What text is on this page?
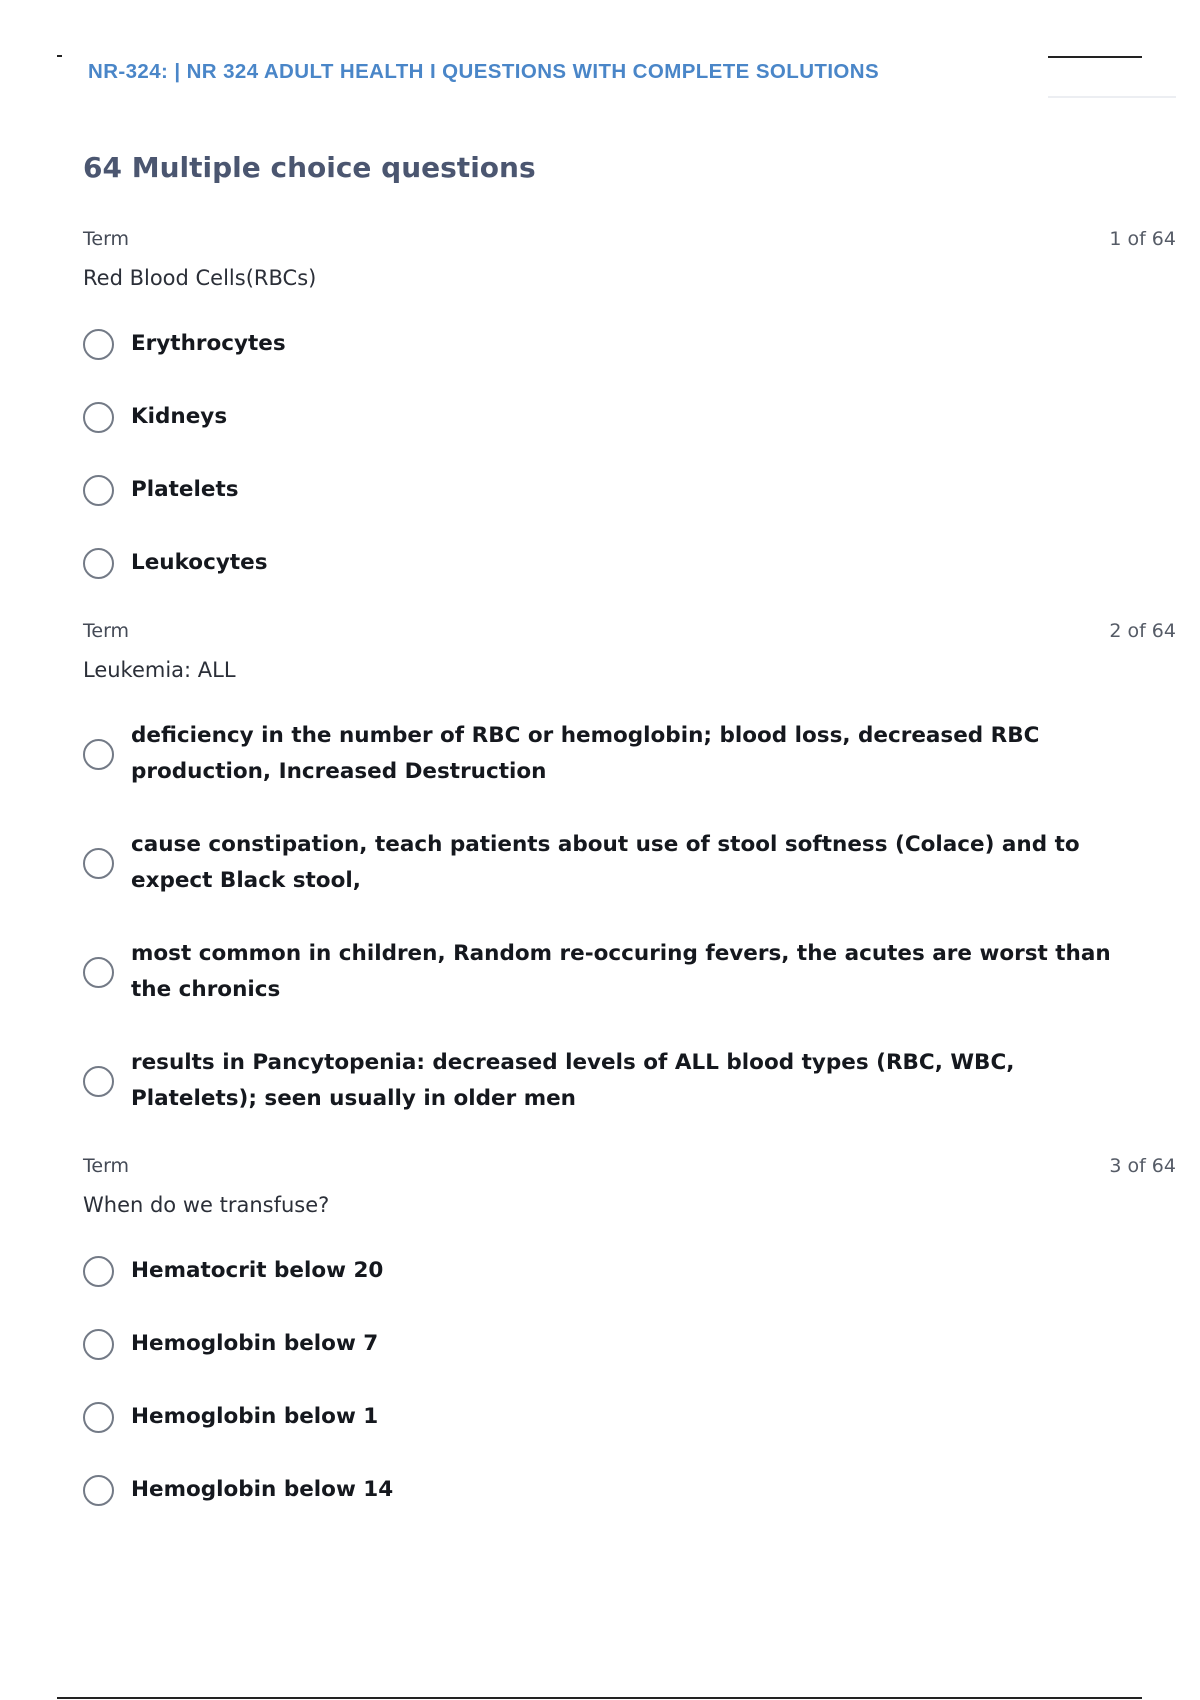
NR-324: | NR 324 ADULT HEALTH I QUESTIONS WITH COMPLETE SOLUTIONS
64 Multiple choice questions
Term	1 of 64
Red Blood Cells(RBCs)
Erythrocytes
Kidneys
Platelets
Leukocytes
Term	2 of 64
Leukemia: ALL
deficiency in the number of RBC or hemoglobin; blood loss, decreased RBC production, Increased Destruction
cause constipation, teach patients about use of stool softness (Colace) and to expect Black stool,
most common in children, Random re-occuring fevers, the acutes are worst than the chronics
results in Pancytopenia: decreased levels of ALL blood types (RBC, WBC, Platelets); seen usually in older men
Term	3 of 64
When do we transfuse?
Hematocrit below 20
Hemoglobin below 7
Hemoglobin below 1
Hemoglobin below 14
